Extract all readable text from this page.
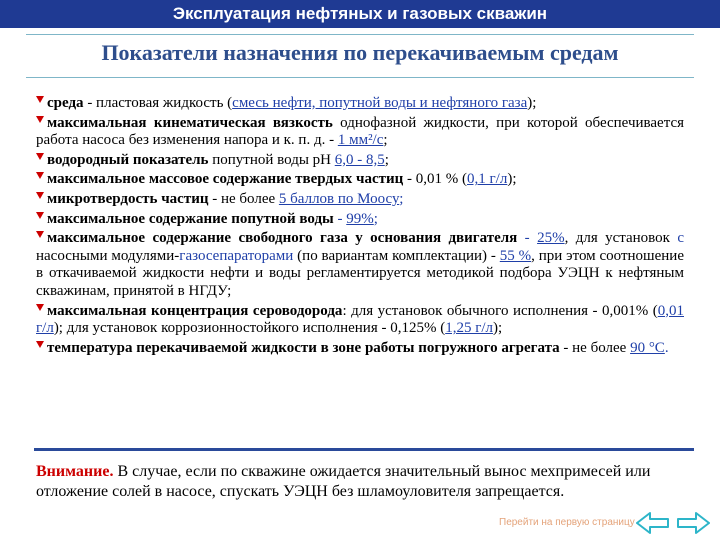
Эксплуатация нефтяных и газовых скважин
Показатели назначения по перекачиваемым средам
среда - пластовая жидкость (смесь нефти, попутной воды и нефтяного газа);
максимальная кинематическая вязкость однофазной жидкости, при которой обеспечивается работа насоса без изменения напора и к. п. д. - 1 мм²/с;
водородный показатель попутной воды pH 6,0 - 8,5;
максимальное массовое содержание твердых частиц - 0,01 % (0,1 г/л);
микротвердость частиц - не более 5 баллов по Моосу;
максимальное содержание попутной воды - 99%;
максимальное содержание свободного газа у основания двигателя - 25%, для установок с насосными модулями-газосепараторами (по вариантам комплектации) - 55 %, при этом соотношение в откачиваемой жидкости нефти и воды регламентируется методикой подбора УЭЦН к нефтяным скважинам, принятой в НГДУ;
максимальная концентрация сероводорода: для установок обычного исполнения - 0,001% (0,01 г/л); для установок коррозионностойкого исполнения - 0,125% (1,25 г/л);
температура перекачиваемой жидкости в зоне работы погружного агрегата - не более 90 °С.
Внимание. В случае, если по скважине ожидается значительный вынос мехпримесей или отложение солей в насосе, спускать УЭЦН без шламоуловителя запрещается.
Перейти на первую страницу
